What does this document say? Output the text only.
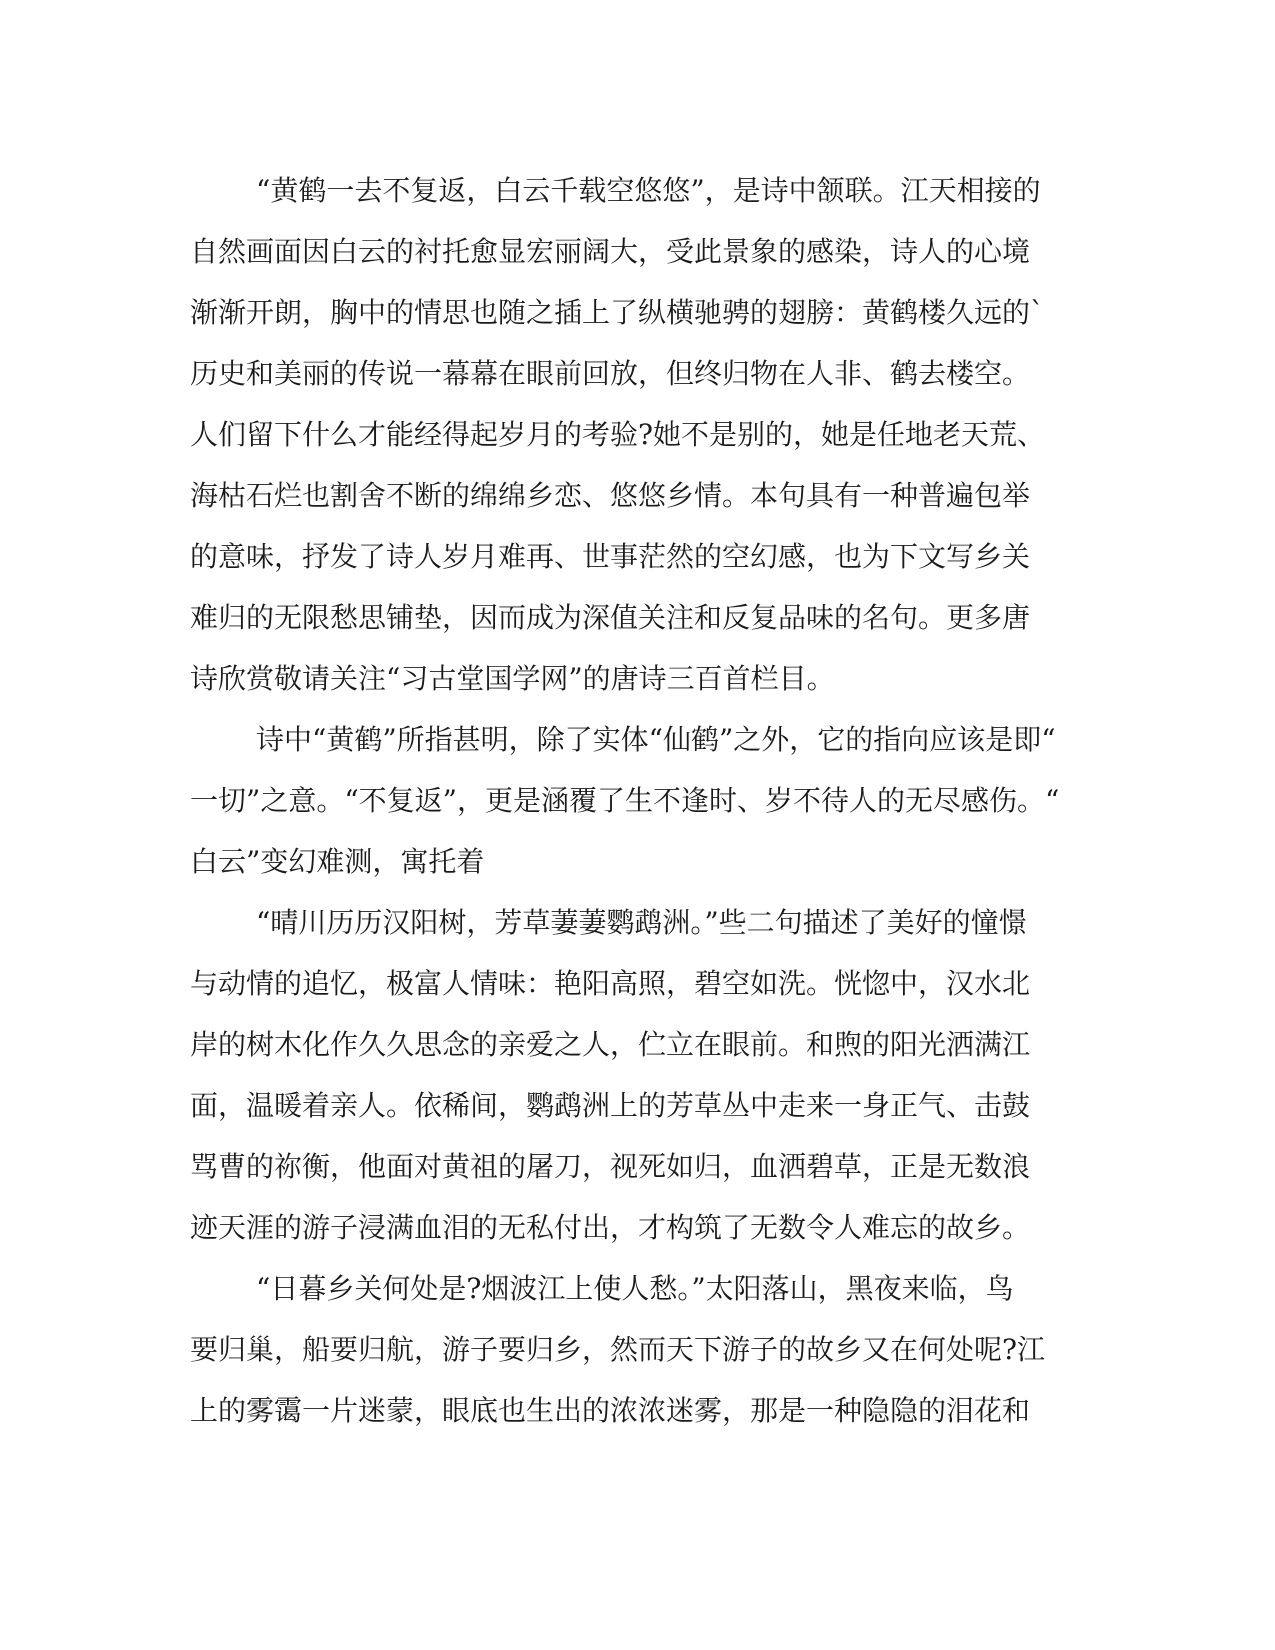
“黄鹤一去不复返，白云千载空悠悠”，是诗中颔联。江天相接的
自然画面因白云的衬托愈显宏丽阔大，受此景象的感染，诗人的心境
渐渐开朗，胸中的情思也随之插上了纵横驰骋的翅膀：黄鹤楼久远的`
历史和美丽的传说一幕幕在眼前回放，但终归物在人非、鹤去楼空。
人们留下什么才能经得起岁月的考验?她不是别的，她是任地老天荒、
海枯石烂也割舍不断的绵绵乡恋、悠悠乡情。本句具有一种普遍包举
的意味，抒发了诗人岁月难再、世事茫然的空幻感，也为下文写乡关
难归的无限愁思铺垫，因而成为深值关注和反复品味的名句。更多唐
诗欣赏敬请关注“习古堂国学网”的唐诗三百首栏目。
诗中“黄鹤”所指甚明，除了实体“仙鹤”之外，它的指向应该是即“
一切”之意。“不复返”，更是涵覆了生不逢时、岁不待人的无尽感伤。“
白云”变幻难测，寓托着
“晴川历历汉阳树，芳草萋萋鹦鹉洲。”些二句描述了美好的憧憬
与动情的追忆，极富人情味：艳阳高照，碧空如洗。恍惚中，汉水北
岸的树木化作久久思念的亲爱之人，伫立在眼前。和煦的阳光洒满江
面，温暖着亲人。依稀间，鹦鹉洲上的芳草丛中走来一身正气、击鼓
骂曹的祢衡，他面对黄祖的屠刀，视死如归，血洒碧草，正是无数浪
迹天涯的游子浸满血泪的无私付出，才构筑了无数令人难忘的故乡。
“日暮乡关何处是?烟波江上使人愁。”太阳落山，黑夜来临，鸟
要归巢，船要归航，游子要归乡，然而天下游子的故乡又在何处呢?江
上的雾霭一片迷蒙，眼底也生出的浓浓迷雾，那是一种隐隐的泪花和
